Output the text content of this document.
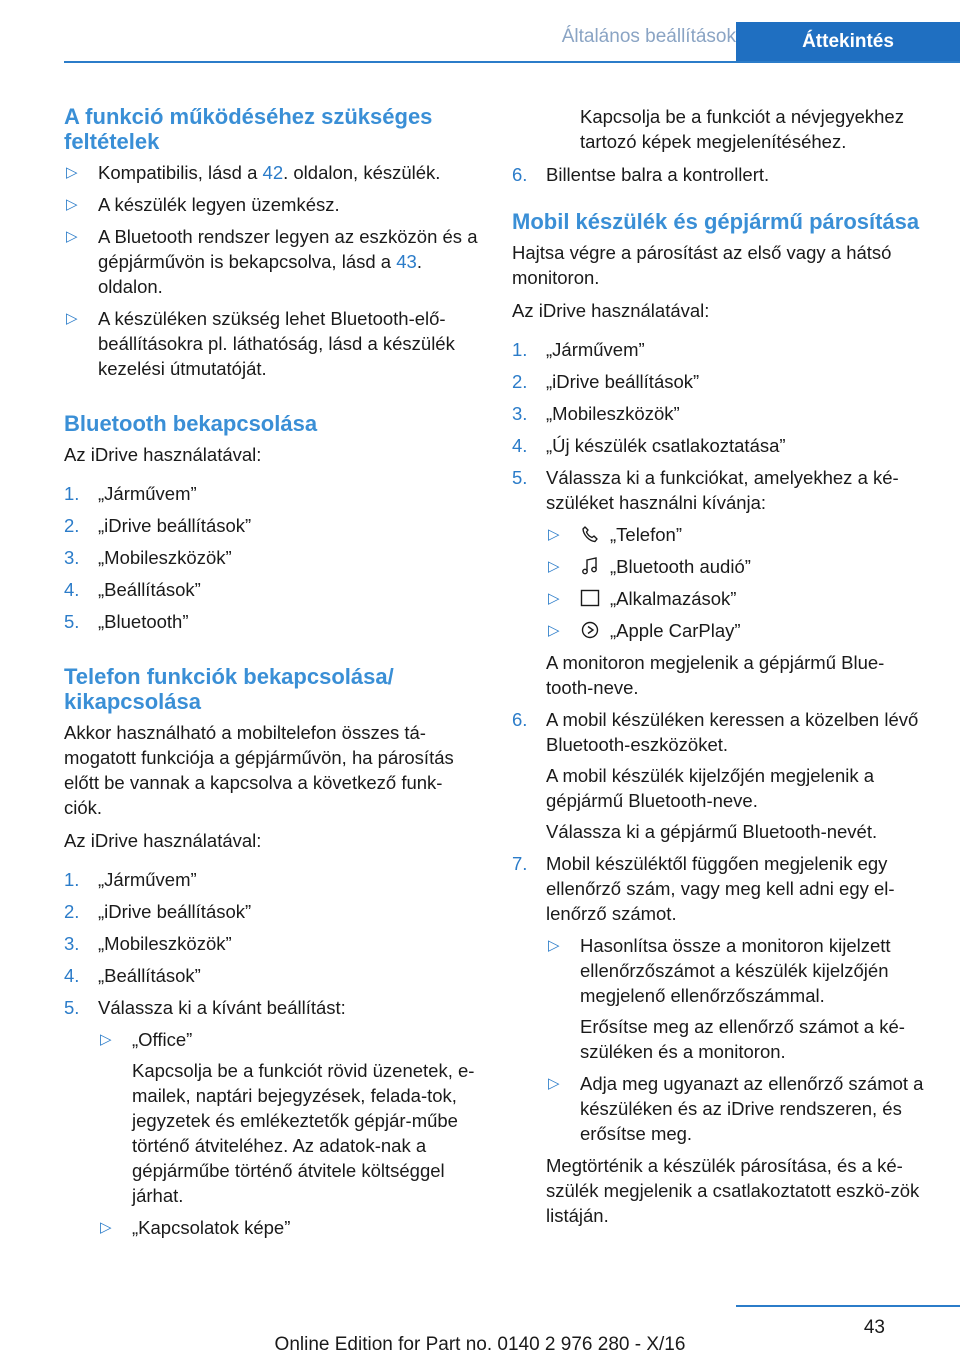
Általános beállítások	Áttekintés
A funkció működéséhez szükséges feltételek
▷ Kompatibilis, lásd a 42. oldalon, készülék.
▷ A készülék legyen üzemkész.
▷ A Bluetooth rendszer legyen az eszközön és a gépjárművön is bekapcsolva, lásd a 43. oldalon.
▷ A készüléken szükség lehet Bluetooth-elő-beállításokra pl. láthatóság, lásd a készülék kezelési útmutatóját.
Bluetooth bekapcsolása

Az iDrive használatával:

1. „Járművem”
2. „iDrive beállítások”
3. „Mobileszközök”
4. „Beállítások”
5. „Bluetooth”
Telefon funkciók bekapcsolása/ kikapcsolása

Akkor használható a mobiltelefon összes tá-mogatott funkciója a gépjárművön, ha párosítás előtt be vannak a kapcsolva a következő funk-ciók.

Az iDrive használatával:

1. „Járművem”
2. „iDrive beállítások”
3. „Mobileszközök”
4. „Beállítások”
5. Válassza ki a kívánt beállítást:
▷ „Office”
Kapcsolja be a funkciót rövid üzenetek, e-mailek, naptári bejegyzések, felada-tok, jegyzetek és emlékeztetők gépjár-műbe történő átviteléhez. Az adatok-nak a gépjárműbe történő átvitele költséggel járhat.
▷ „Kapcsolatok képe”

Kapcsolja be a funkciót a névjegyekhez tartozó képek megjelenítéséhez.

6. Billentse balra a kontrollert.
Mobil készülék és gépjármű párosítása

Hajtsa végre a párosítást az első vagy a hátsó monitoron.

Az iDrive használatával:

1. „Járművem”
2. „iDrive beállítások”
3. „Mobileszközök”
4. „Új készülék csatlakoztatása”
5. Válassza ki a funkciókat, amelyekhez a ké-szüléket használni kívánja:
▷	„Telefon”
▷	„Bluetooth audió”
▷	„Alkalmazások”
▷	„Apple CarPlay”
A monitoron megjelenik a gépjármű Blue-tooth-neve.
6. A mobil készüléken keressen a közelben lévő Bluetooth-eszközöket.
A mobil készülék kijelzőjén megjelenik a gépjármű Bluetooth-neve.
Válassza ki a gépjármű Bluetooth-nevét.
7. Mobil készüléktől függően megjelenik egy ellenőrző szám, vagy meg kell adni egy el-lenőrző számot.
▷ Hasonlítsa össze a monitoron kijelzett ellenőrzőszámot a készülék kijelzőjén megjelenő ellenőrzőszámmal.
Erősítse meg az ellenőrző számot a ké-szüléken és a monitoron.
▷ Adja meg ugyanazt az ellenőrző számot a készüléken és az iDrive rendszeren, és erősítse meg.
Megtörténik a készülék párosítása, és a ké-szülék megjelenik a csatlakoztatott eszkö-zök listáján.
43
Online Edition for Part no. 0140 2 976 280 - X/16
